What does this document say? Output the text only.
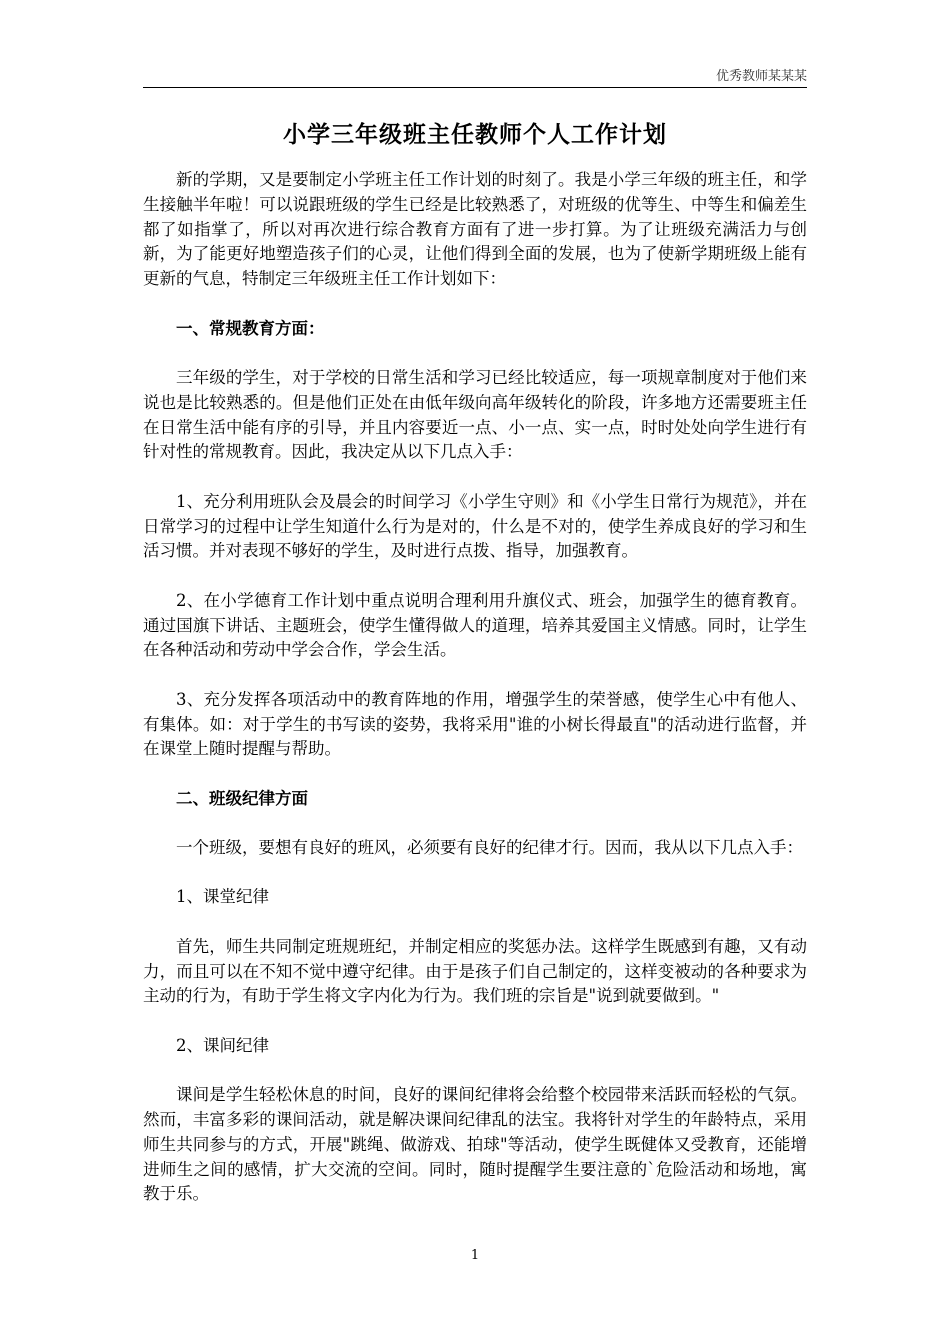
优秀教师某某某
小学三年级班主任教师个人工作计划

新的学期，又是要制定小学班主任工作计划的时刻了。我是小学三年级的班主任，和学生接触半年啦！可以说跟班级的学生已经是比较熟悉了，对班级的优等生、中等生和偏差生都了如指掌了，所以对再次进行综合教育方面有了进一步打算。为了让班级充满活力与创新，为了能更好地塑造孩子们的心灵，让他们得到全面的发展，也为了使新学期班级上能有更新的气息，特制定三年级班主任工作计划如下：

一、常规教育方面：

三年级的学生，对于学校的日常生活和学习已经比较适应，每一项规章制度对于他们来说也是比较熟悉的。但是他们正处在由低年级向高年级转化的阶段，许多地方还需要班主任在日常生活中能有序的引导，并且内容要近一点、小一点、实一点，时时处处向学生进行有针对性的常规教育。因此，我决定从以下几点入手：

1、充分利用班队会及晨会的时间学习《小学生守则》和《小学生日常行为规范》，并在日常学习的过程中让学生知道什么行为是对的，什么是不对的，使学生养成良好的学习和生活习惯。并对表现不够好的学生，及时进行点拨、指导，加强教育。

2、在小学德育工作计划中重点说明合理利用升旗仪式、班会，加强学生的德育教育。通过国旗下讲话、主题班会，使学生懂得做人的道理，培养其爱国主义情感。同时，让学生在各种活动和劳动中学会合作，学会生活。

3、充分发挥各项活动中的教育阵地的作用，增强学生的荣誉感，使学生心中有他人、有集体。如：对于学生的书写读的姿势，我将采用"谁的小树长得最直"的活动进行监督，并在课堂上随时提醒与帮助。

二、班级纪律方面

一个班级，要想有良好的班风，必须要有良好的纪律才行。因而，我从以下几点入手：

1、课堂纪律

首先，师生共同制定班规班纪，并制定相应的奖惩办法。这样学生既感到有趣，又有动力，而且可以在不知不觉中遵守纪律。由于是孩子们自己制定的，这样变被动的各种要求为主动的行为，有助于学生将文字内化为行为。我们班的宗旨是"说到就要做到。"

2、课间纪律

课间是学生轻松休息的时间，良好的课间纪律将会给整个校园带来活跃而轻松的气氛。然而，丰富多彩的课间活动，就是解决课间纪律乱的法宝。我将针对学生的年龄特点，采用师生共同参与的方式，开展"跳绳、做游戏、拍球"等活动，使学生既健体又受教育，还能增进师生之间的感情，扩大交流的空间。同时，随时提醒学生要注意的`危险活动和场地，寓教于乐。

1
